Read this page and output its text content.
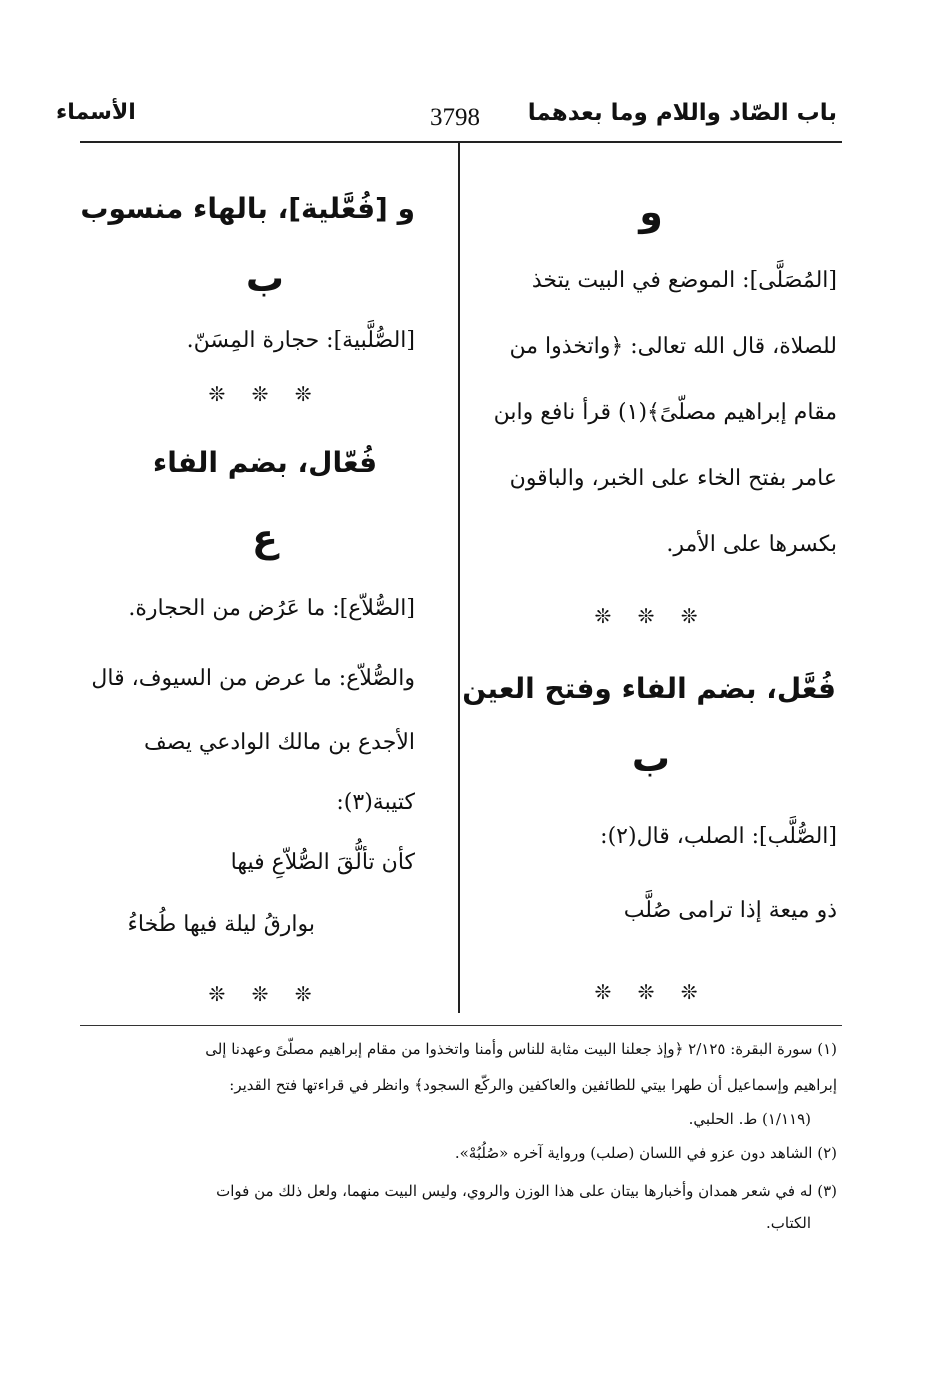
باب الصّاد واللام وما بعدهما
3798
الأسماء
و
[المُصَلَّى]: الموضع في البيت يتخذ
للصلاة، قال الله تعالى: ﴿واتخذوا من
مقام إبراهيم مصلّىً﴾(١) قرأ نافع وابن
عامر بفتح الخاء على الخبر، والباقون
بكسرها على الأمر.
❊ ❊ ❊
فُعَّل، بضم الفاء وفتح العين
ب
[الصُّلَّب]: الصلب، قال(٢):
ذو ميعة إذا ترامى صُلَّب
❊ ❊ ❊
و [فُعَّلية]، بالهاء منسوب
ب
[الصُّلَّبية]: حجارة المِسَنّ.
❊ ❊ ❊
فُعّال، بضم الفاء
ع
[الصُّلاّع]: ما عَرُض من الحجارة.
والصُّلاّع: ما عرض من السيوف، قال
الأجدع بن مالك الوادعي يصف
كتيبة(٣):
كأن تألُّقَ الصُّلاّعِ فيها
بوارقُ ليلة فيها طُخاءُ
❊ ❊ ❊
(١) سورة البقرة: ٢/١٢٥ ﴿وإذ جعلنا البيت مثابة للناس وأمنا واتخذوا من مقام إبراهيم مصلّىً وعهدنا إلى
إبراهيم وإسماعيل أن طهرا بيتي للطائفين والعاكفين والركّع السجود﴾ وانظر في قراءتها فتح القدير:
(١/١١٩) ط. الحلبي.
(٢) الشاهد دون عزو في اللسان (صلب) ورواية آخره «صُلُبُهْ».
(٣) له في شعر همدان وأخبارها بيتان على هذا الوزن والروي، وليس البيت منهما، ولعل ذلك من فوات
الكتاب.
